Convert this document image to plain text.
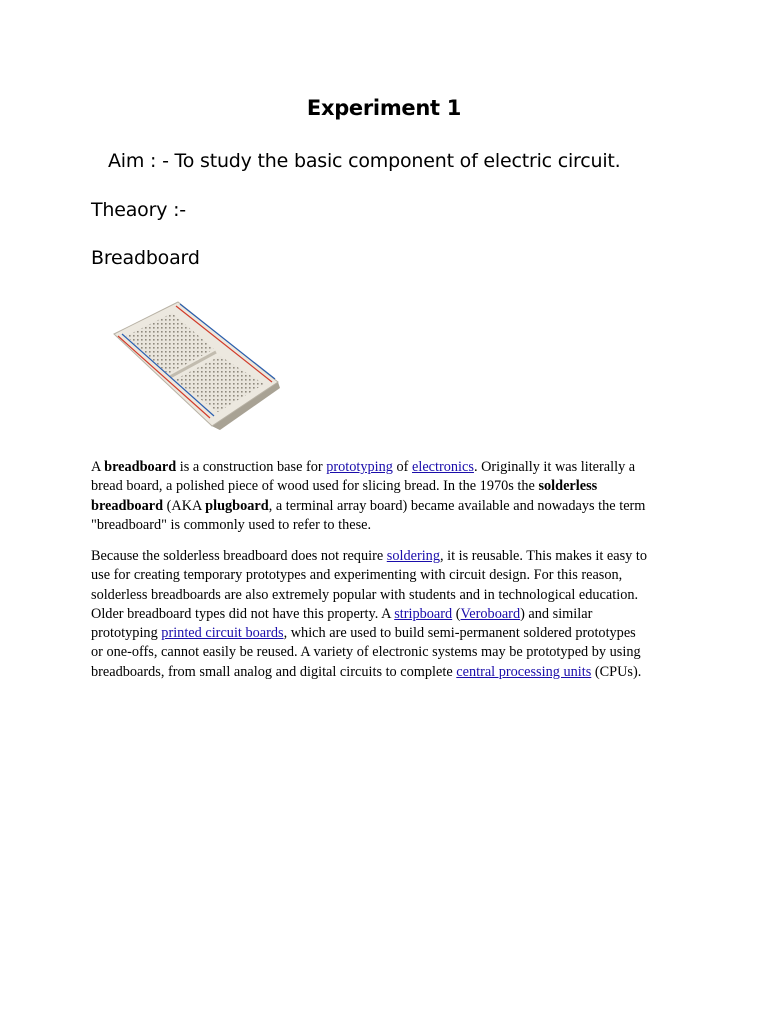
Experiment 1
Aim : - To study the basic component of electric circuit.
Theaory :-
Breadboard
A breadboard is a construction base for prototyping of electronics. Originally it was literally a
bread board, a polished piece of wood used for slicing bread. In the 1970s the solderless
breadboard (AKA plugboard, a terminal array board) became available and nowadays the term
"breadboard" is commonly used to refer to these.
Because the solderless breadboard does not require soldering, it is reusable. This makes it easy to
use for creating temporary prototypes and experimenting with circuit design. For this reason,
solderless breadboards are also extremely popular with students and in technological education.
Older breadboard types did not have this property. A stripboard (Veroboard) and similar
prototyping printed circuit boards, which are used to build semi-permanent soldered prototypes
or one-offs, cannot easily be reused. A variety of electronic systems may be prototyped by using
breadboards, from small analog and digital circuits to complete central processing units (CPUs).
